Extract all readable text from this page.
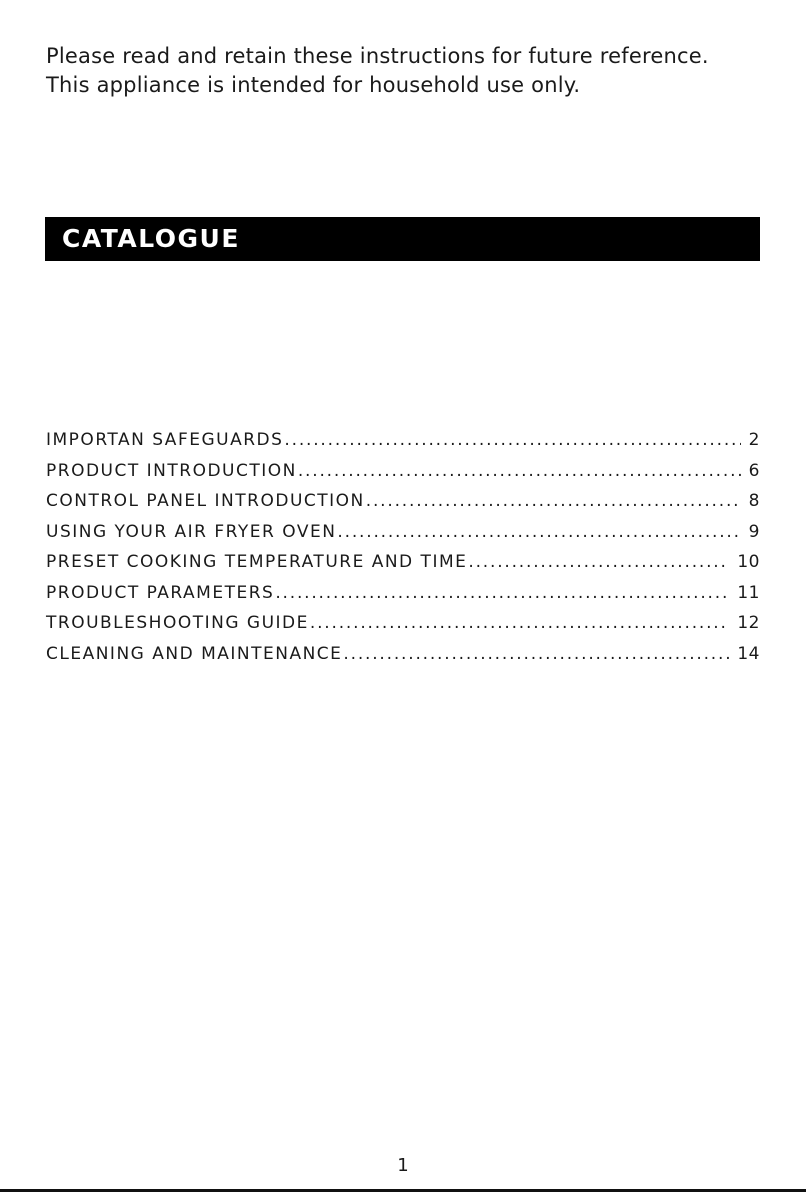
Please read and retain these instructions for future reference.
This appliance is intended for household use only.
CATALOGUE
IMPORTAN SAFEGUARDS .....	2
PRODUCT INTRODUCTION .....	6
CONTROL PANEL INTRODUCTION .....	8
USING YOUR AIR FRYER OVEN .....	9
PRESET COOKING TEMPERATURE AND TIME .....	10
PRODUCT PARAMETERS .....	11
TROUBLESHOOTING GUIDE .....	12
CLEANING AND MAINTENANCE .....	14
1
